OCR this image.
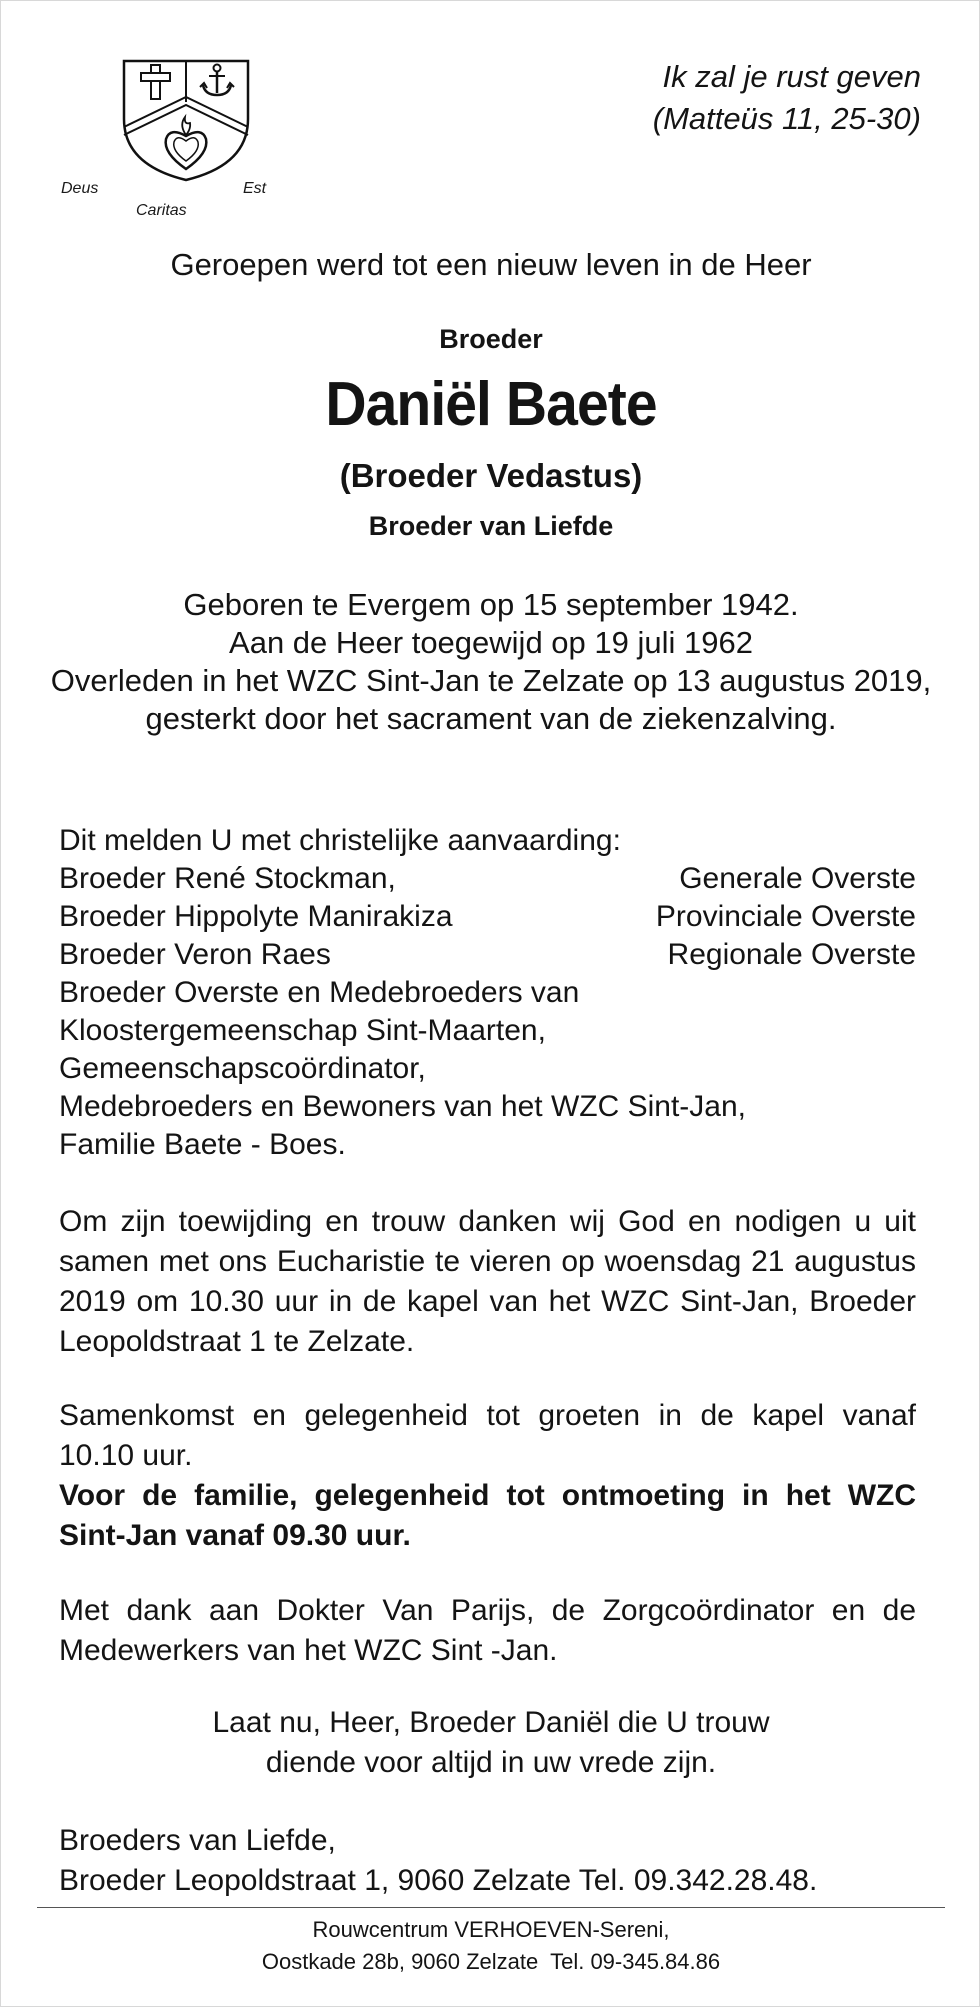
Deus
Caritas
Est
Ik zal je rust geven
(Matteüs 11, 25-30)
Geroepen werd tot een nieuw leven in de Heer
Broeder
Daniël Baete
(Broeder Vedastus)
Broeder van Liefde
Geboren te Evergem op 15 september 1942.
Aan de Heer toegewijd op 19 juli 1962
Overleden in het WZC Sint-Jan te Zelzate op 13 augustus 2019,
gesterkt door het sacrament van de ziekenzalving.
Dit melden U met christelijke aanvaarding:
Broeder René Stockman,	Generale Overste
Broeder Hippolyte Manirakiza	Provinciale Overste
Broeder Veron Raes	Regionale Overste
Broeder Overste en Medebroeders van
Kloostergemeenschap Sint-Maarten,
Gemeenschapscoördinator,
Medebroeders en Bewoners van het WZC Sint-Jan,
Familie Baete - Boes.
Om zijn toewijding en trouw danken wij God en nodigen u uit
samen met ons Eucharistie te vieren op woensdag 21 augustus
2019 om 10.30 uur in de kapel van het WZC Sint-Jan, Broeder
Leopoldstraat 1 te Zelzate.
Samenkomst en gelegenheid tot groeten in de kapel vanaf
10.10 uur.
Voor de familie, gelegenheid tot ontmoeting in het WZC
Sint-Jan vanaf 09.30 uur.
Met dank aan Dokter Van Parijs, de Zorgcoördinator en de
Medewerkers van het WZC Sint -Jan.
Laat nu, Heer, Broeder Daniël die U trouw
diende voor altijd in uw vrede zijn.
Broeders van Liefde,
Broeder Leopoldstraat 1, 9060 Zelzate Tel. 09.342.28.48.
Rouwcentrum VERHOEVEN-Sereni,
Oostkade 28b, 9060 Zelzate  Tel. 09-345.84.86
